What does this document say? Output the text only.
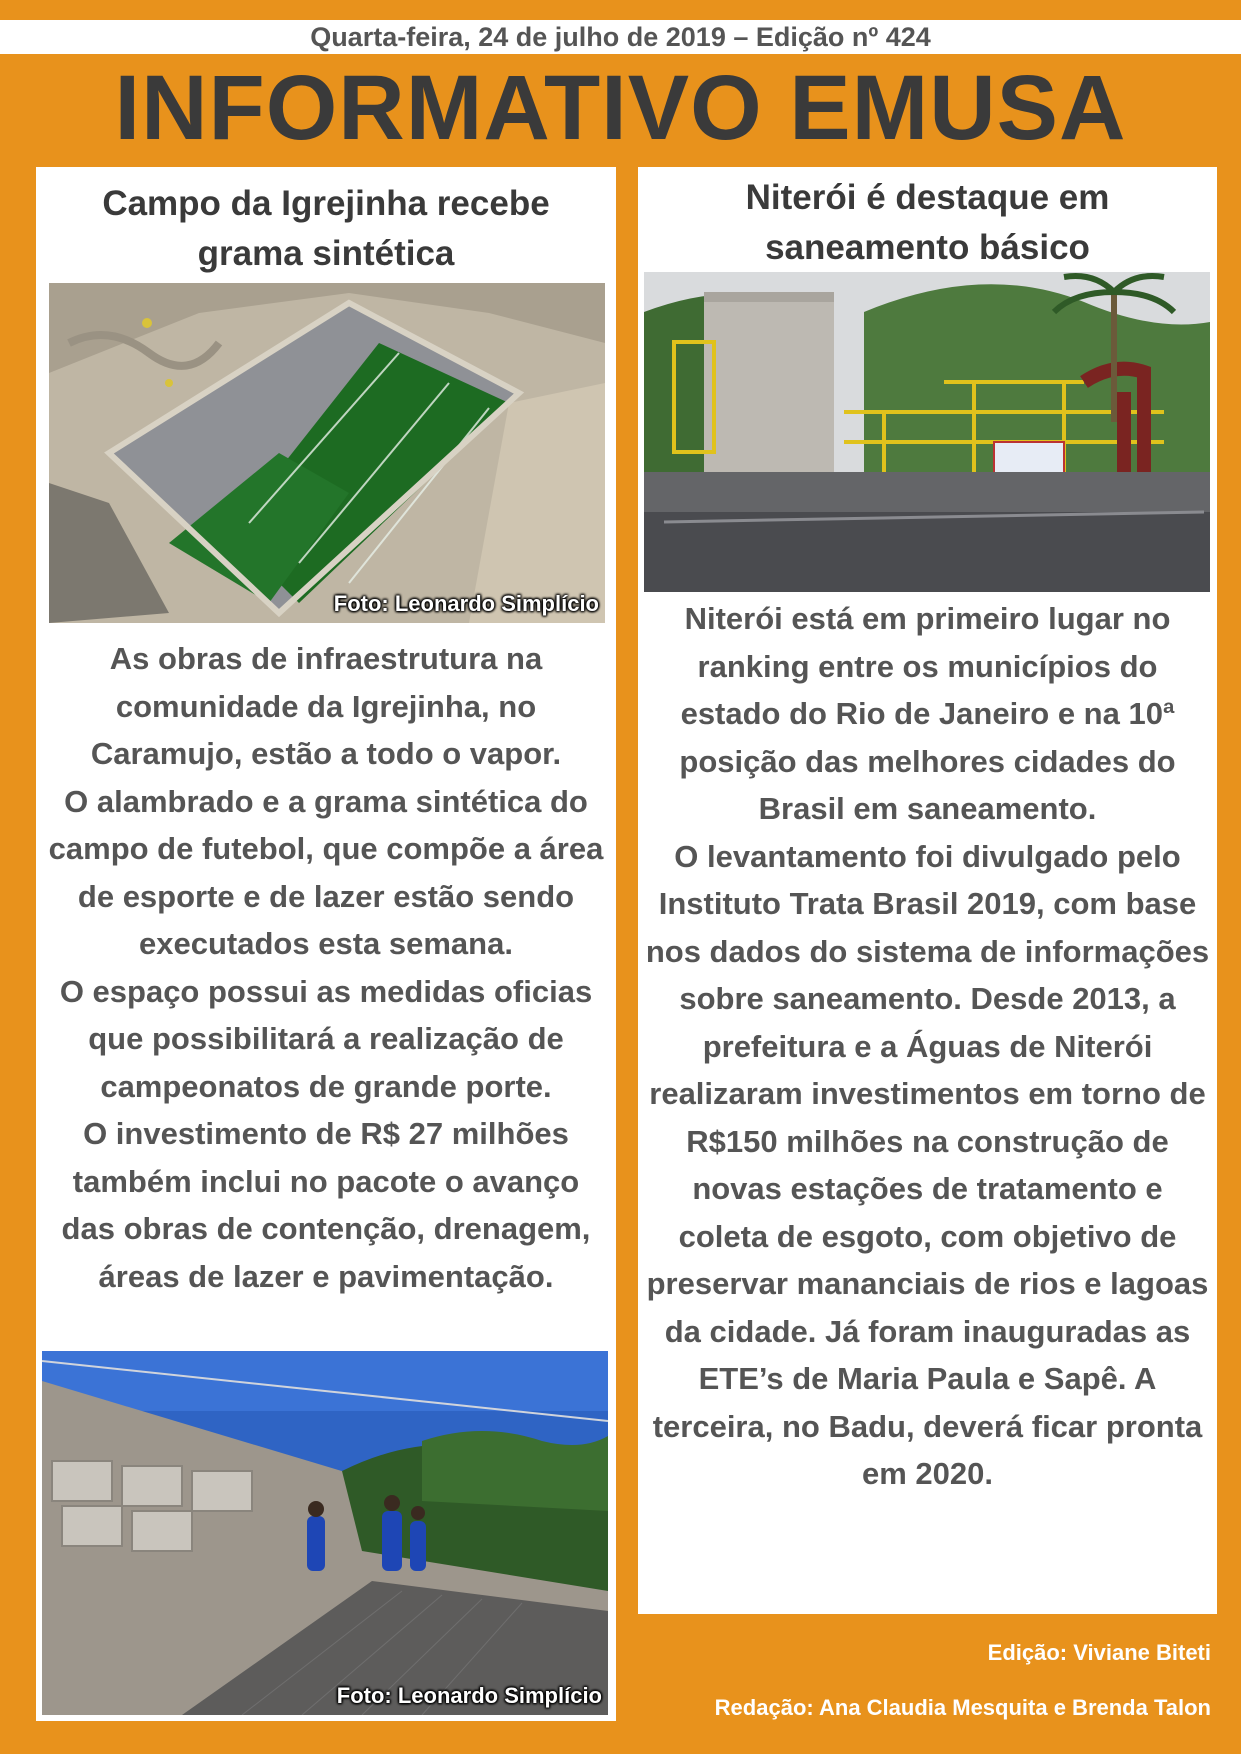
Quarta-feira, 24 de julho de 2019 – Edição nº 424
INFORMATIVO EMUSA
Campo da Igrejinha recebe
grama sintética
Foto: Leonardo Simplício

As obras de infraestrutura na comunidade da Igrejinha, no Caramujo, estão a todo o vapor.

O alambrado e a grama sintética do campo de futebol, que compõe a área de esporte e de lazer estão sendo executados esta semana.

O espaço possui as medidas oficias que possibilitará a realização de campeonatos de grande porte.

O investimento de R$ 27 milhões também inclui no pacote o avanço das obras de contenção, drenagem, áreas de lazer e pavimentação.

Foto: Leonardo Simplício
Niterói é destaque em
saneamento básico

Niterói está em primeiro lugar no ranking entre os municípios do estado do Rio de Janeiro e na 10ª posição das melhores cidades do Brasil em saneamento.

O levantamento foi divulgado pelo Instituto Trata Brasil 2019, com base nos dados do sistema de informações sobre saneamento. Desde 2013, a prefeitura e a Águas de Niterói realizaram investimentos em torno de R$150 milhões na construção de novas estações de tratamento e coleta de esgoto, com objetivo de preservar mananciais de rios e lagoas da cidade. Já foram inauguradas as ETE’s de Maria Paula e Sapê. A terceira, no Badu, deverá ficar pronta em 2020.

Edição: Viviane Biteti
Redação: Ana Claudia Mesquita e Brenda Talon
